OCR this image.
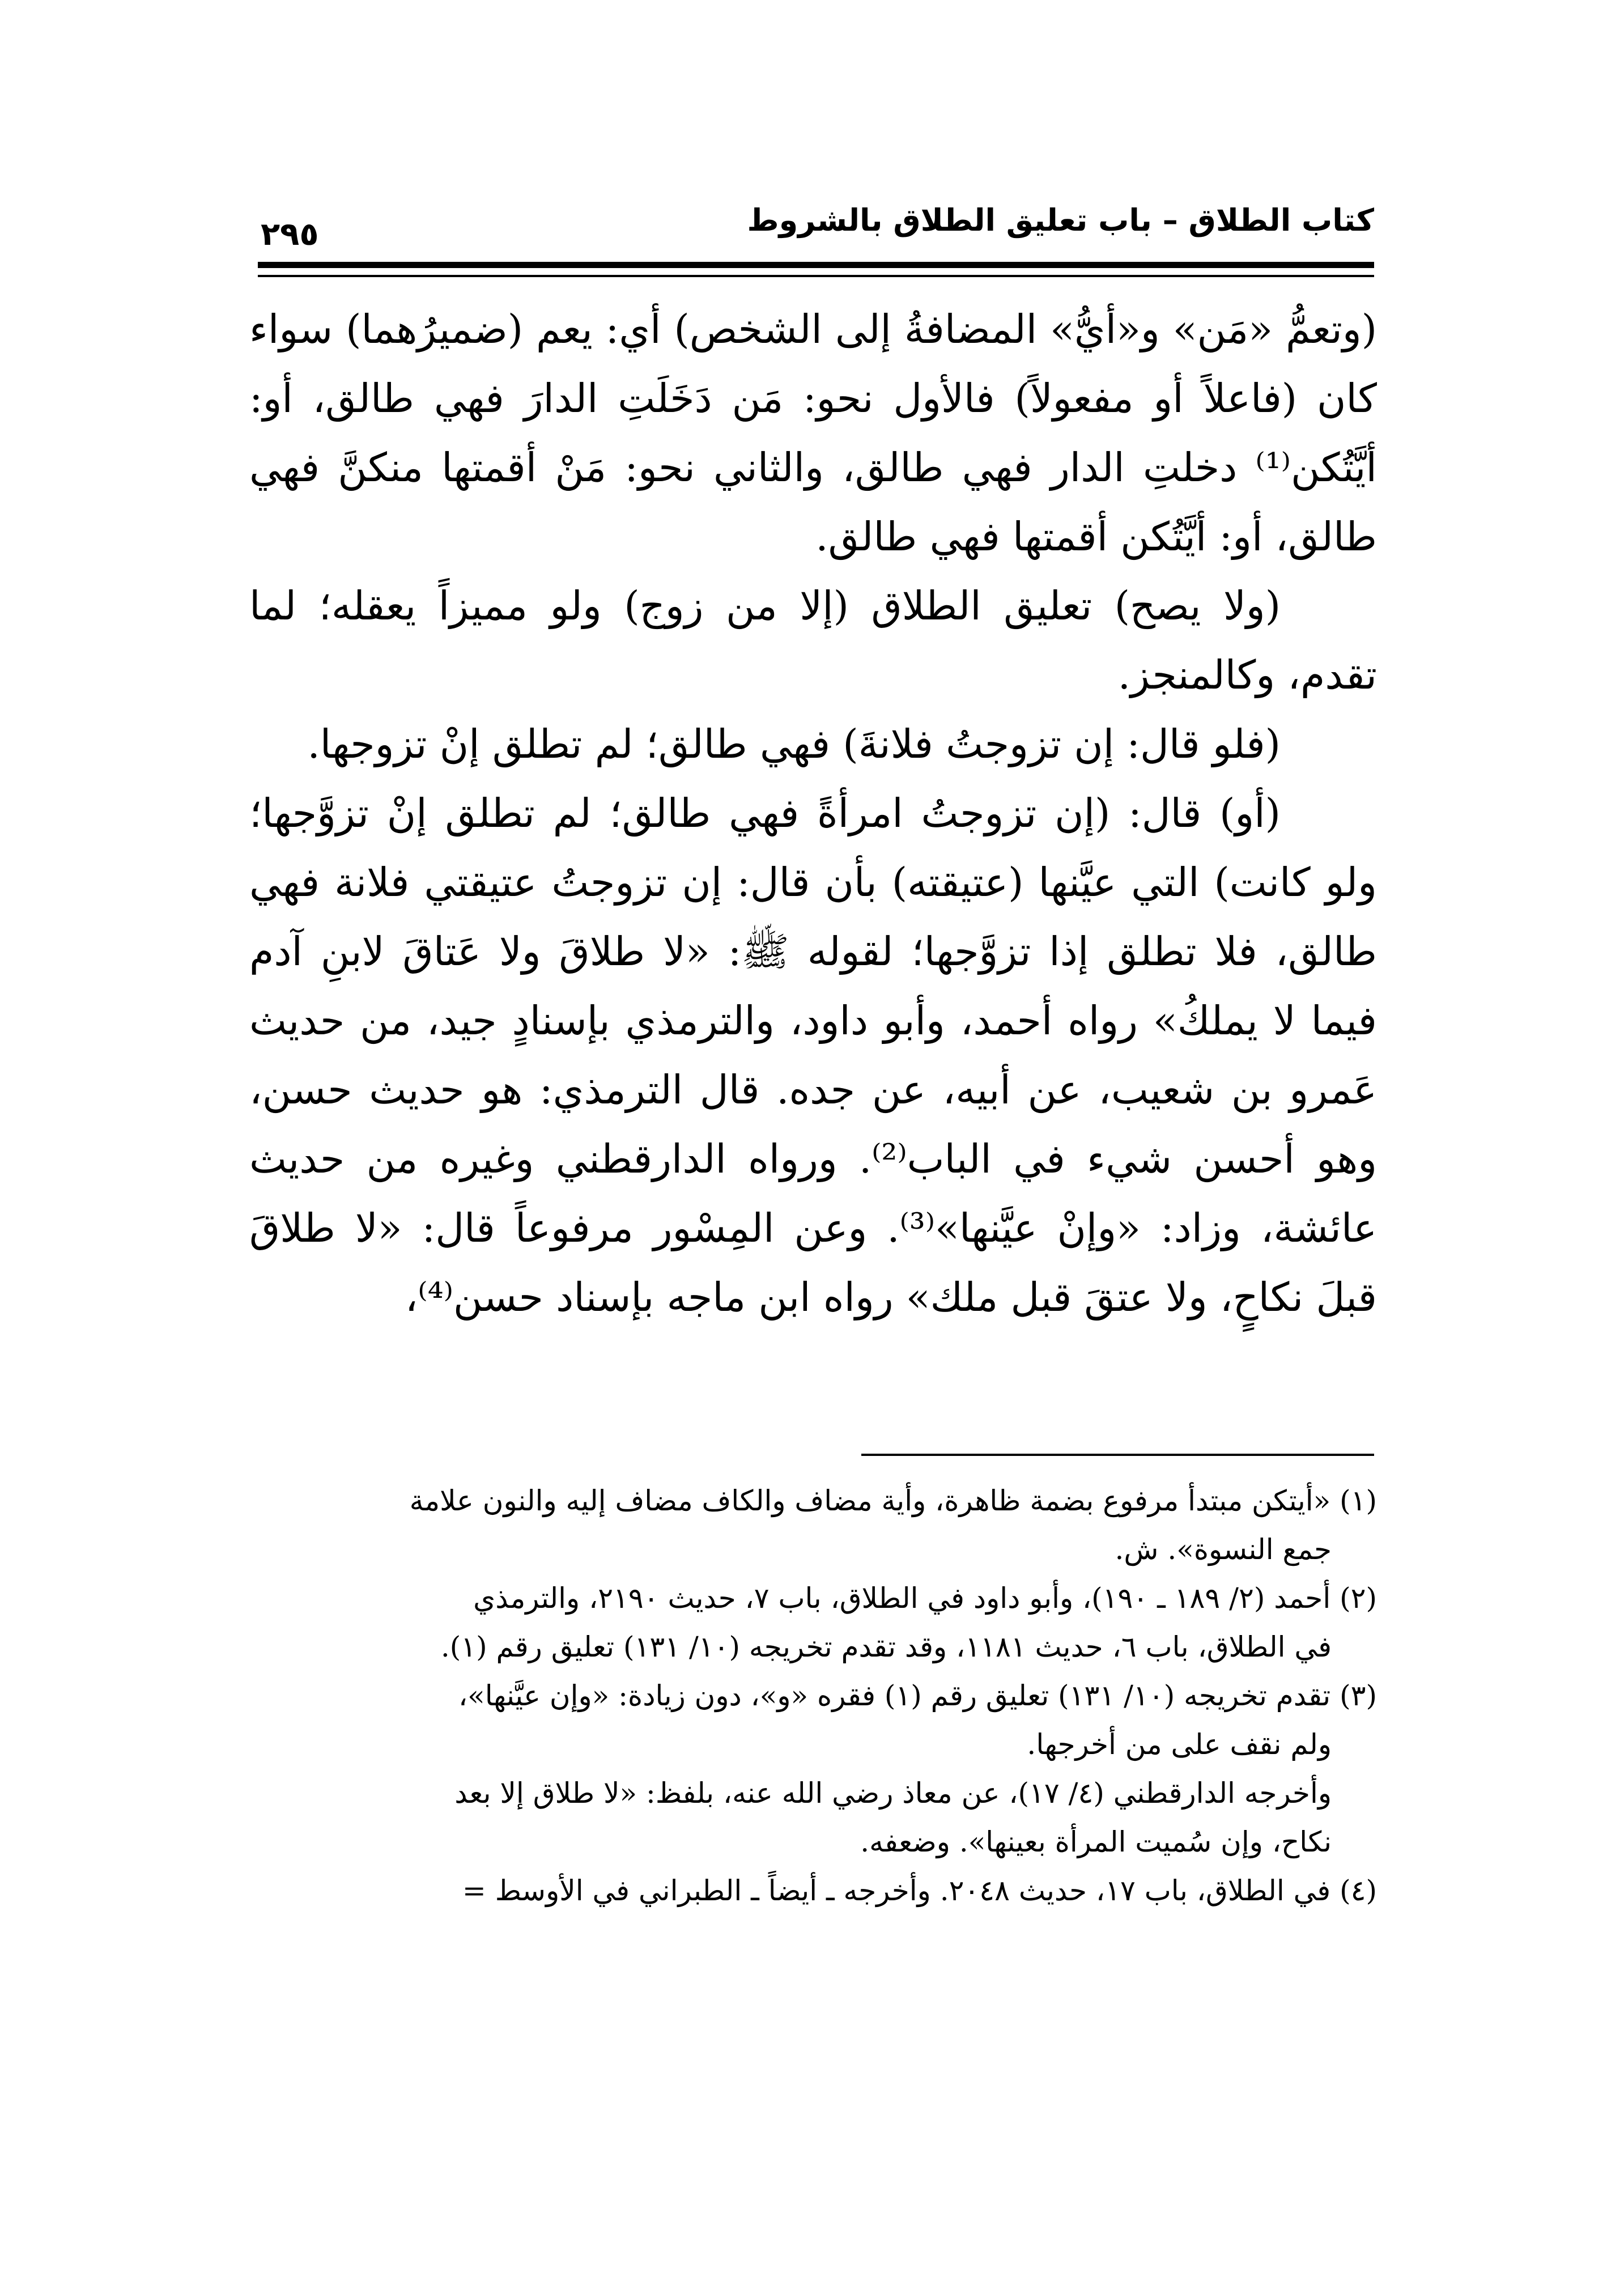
كتاب الطلاق – باب تعليق الطلاق بالشروط
٢٩٥

(وتعمُّ «مَن» و«أيُّ» المضافةُ إلى الشخص) أي: يعم (ضميرُهما) سواء كان (فاعلاً أو مفعولاً) فالأول نحو: مَن دَخَلَتِ الدارَ فهي طالق، أو: أيَّتُكن⁽¹⁾ دخلتِ الدار فهي طالق، والثاني نحو: مَنْ أقمتها منكنَّ فهي طالق، أو: أيَّتُكن أقمتها فهي طالق.

(ولا يصح) تعليق الطلاق (إلا من زوج) ولو مميزاً يعقله؛ لما تقدم، وكالمنجز.

(فلو قال: إن تزوجتُ فلانةَ) فهي طالق؛ لم تطلق إنْ تزوجها.

(أو) قال: (إن تزوجتُ امرأةً فهي طالق؛ لم تطلق إنْ تزوَّجها؛ ولو كانت) التي عيَّنها (عتيقته) بأن قال: إن تزوجتُ عتيقتي فلانة فهي طالق، فلا تطلق إذا تزوَّجها؛ لقوله ﷺ: «لا طلاقَ ولا عَتاقَ لابنِ آدم فيما لا يملكُ» رواه أحمد، وأبو داود، والترمذي بإسنادٍ جيد، من حديث عَمرو بن شعيب، عن أبيه، عن جده. قال الترمذي: هو حديث حسن، وهو أحسن شيء في الباب⁽²⁾. ورواه الدارقطني وغيره من حديث عائشة، وزاد: «وإنْ عيَّنها»⁽³⁾. وعن المِسْور مرفوعاً قال: «لا طلاقَ قبلَ نكاحٍ، ولا عتقَ قبل ملك» رواه ابن ماجه بإسناد حسن⁽⁴⁾،

(١) «أيتكن مبتدأ مرفوع بضمة ظاهرة، وأية مضاف والكاف مضاف إليه والنون علامة

جمع النسوة». ش.

(٢) أحمد (٢/ ١٨٩ ـ ١٩٠)، وأبو داود في الطلاق، باب ٧، حديث ٢١٩٠، والترمذي

في الطلاق، باب ٦، حديث ١١٨١، وقد تقدم تخريجه (١٠/ ١٣١) تعليق رقم (١).

(٣) تقدم تخريجه (١٠/ ١٣١) تعليق رقم (١) فقره «و»، دون زيادة: «وإن عيَّنها»،

ولم نقف على من أخرجها.

وأخرجه الدارقطني (٤/ ١٧)، عن معاذ رضي الله عنه، بلفظ: «لا طلاق إلا بعد

نكاح، وإن سُميت المرأة بعينها». وضعفه.

(٤) في الطلاق، باب ١٧، حديث ٢٠٤٨. وأخرجه ـ أيضاً ـ الطبراني في الأوسط =
